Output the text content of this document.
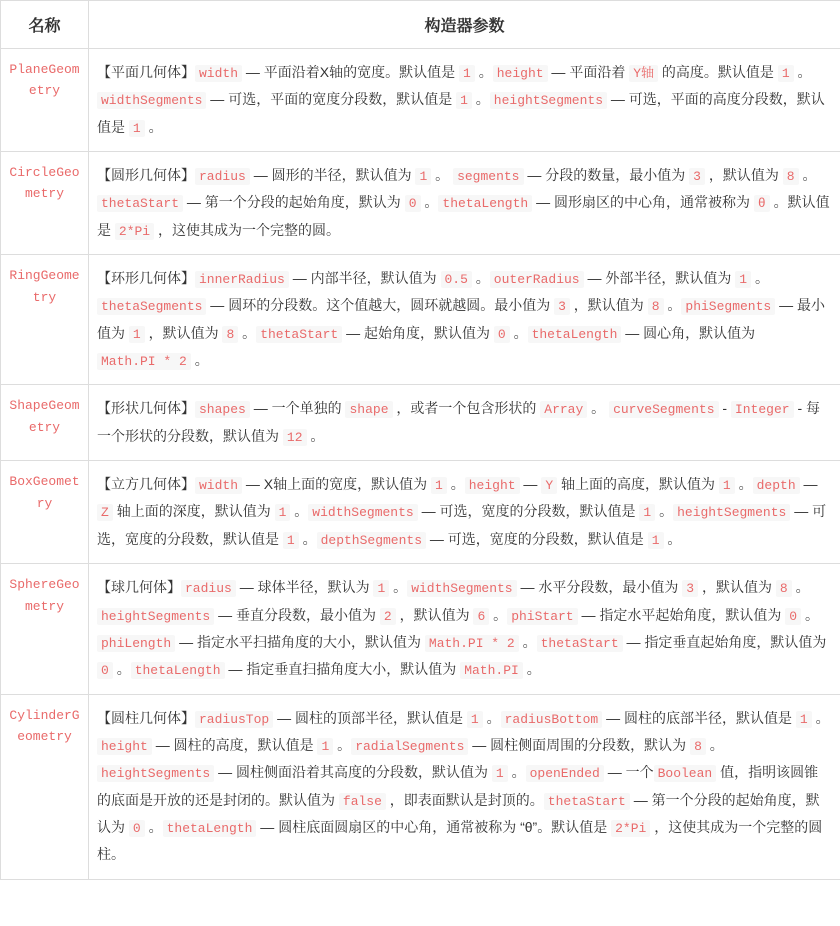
名称	构造器参数
PlaneGeometry	【平面几何体】 width — 平面沿着X轴的宽度。默认值是 1 。 height — 平面沿着 Y轴 的高度。默认值是 1 。widthSegments — 可选，平面的宽度分段数，默认值是 1 。 heightSegments — 可选，平面的高度分段数，默认值是 1 。
CircleGeometry	【圆形几何体】 radius — 圆形的半径，默认值为 1 。 segments — 分段的数量，最小值为 3 ，默认值为 8 。thetaStart — 第一个分段的起始角度，默认为 0 。 thetaLength — 圆形扇区的中心角，通常被称为 θ 。默认值是 2*Pi ，这使其成为一个完整的圆。
RingGeometry	【环形几何体】 innerRadius — 内部半径，默认值为 0.5 。 outerRadius — 外部半径，默认值为 1 。thetaSegments — 圆环的分段数。这个值越大，圆环就越圆。最小值为 3 ，默认值为 8 。 phiSegments — 最小值为 1 ，默认值为 8 。 thetaStart — 起始角度，默认值为 0 。 thetaLength — 圆心角，默认值为 Math.PI * 2 。
ShapeGeometry	【形状几何体】 shapes — 一个单独的 shape ，或者一个包含形状的 Array 。 curveSegments - Integer - 每一个形状的分段数，默认值为 12 。
BoxGeometry	【立方几何体】 width — X轴上面的宽度，默认值为 1 。 height — Y 轴上面的高度，默认值为 1 。 depth — Z 轴上面的深度，默认值为 1 。 widthSegments — 可选，宽度的分段数，默认值是 1 。 heightSegments — 可选，宽度的分段数，默认值是 1 。 depthSegments — 可选，宽度的分段数，默认值是 1 。
SphereGeometry	【球几何体】 radius — 球体半径，默认为 1 。 widthSegments — 水平分段数，最小值为 3 ，默认值为 8 。heightSegments — 垂直分段数，最小值为 2 ，默认值为 6 。 phiStart — 指定水平起始角度，默认值为 0 。phiLength — 指定水平扫描角度的大小，默认值为 Math.PI * 2 。 thetaStart — 指定垂直起始角度，默认值为 0 。 thetaLength — 指定垂直扫描角度大小，默认值为 Math.PI 。
CylinderGeometry	【圆柱几何体】 radiusTop — 圆柱的顶部半径，默认值是 1 。 radiusBottom — 圆柱的底部半径，默认值是 1 。height — 圆柱的高度，默认值是 1 。 radialSegments — 圆柱侧面周围的分段数，默认为 8 。heightSegments — 圆柱侧面沿着其高度的分段数，默认值为 1 。 openEnded — 一个 Boolean 值，指明该圆锥的底面是开放的还是封闭的。默认值为 false ，即表面默认是封顶的。 thetaStart — 第一个分段的起始角度，默认为 0 。 thetaLength — 圆柱底面圆扇区的中心角，通常被称为 “θ”。默认值是 2*Pi ，这使其成为一个完整的圆柱。
